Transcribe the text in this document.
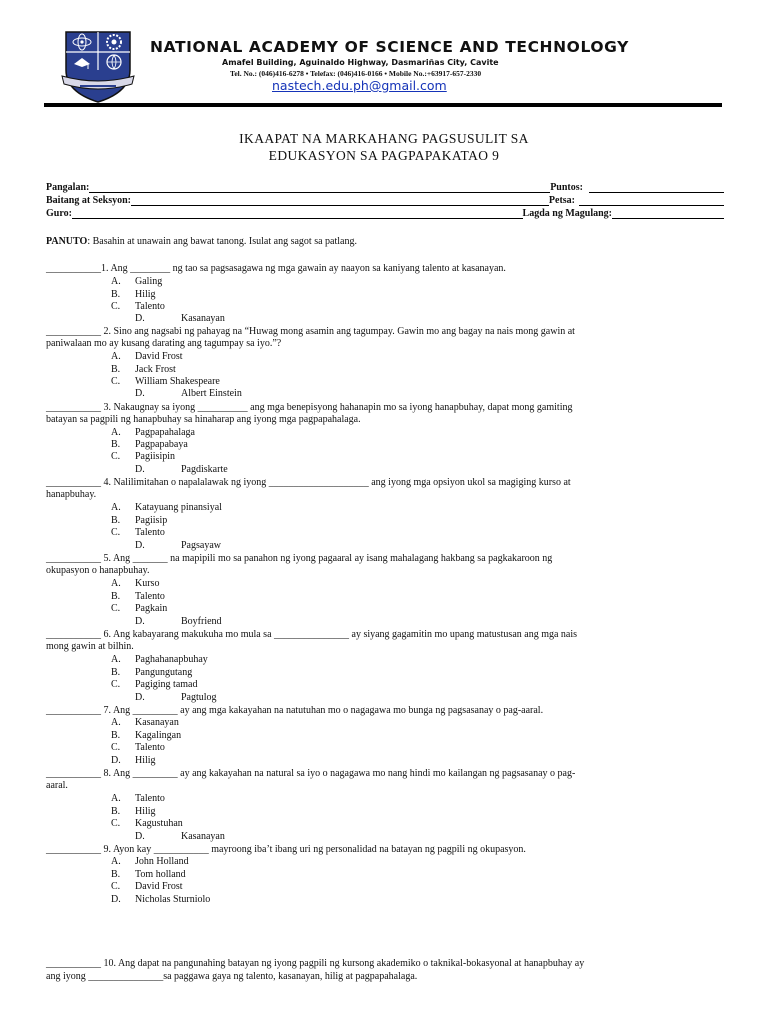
NATIONAL ACADEMY OF SCIENCE AND TECHNOLOGY
Amafel Building, Aguinaldo Highway, Dasmariñas City, Cavite
Tel. No.: (046)416-6278 • Telefax: (046)416-0166 • Mobile No.:+63917-657-2330
nastech.edu.ph@gmail.com
IKAAPAT NA MARKAHANG PAGSUSULIT SA
EDUKASYON SA PAGPAPAKATAO 9
Pangalan:	Puntos:
Baitang at Seksyon:	Petsa:
Guro:	Lagda ng Magulang:
PANUTO: Basahin at unawain ang bawat tanong. Isulat ang sagot sa patlang.
___________1. Ang ________ ng tao sa pagsasagawa ng mga gawain ay naayon sa kaniyang talento at kasanayan.
A. Galing
B. Hilig
C. Talento
D.	Kasanayan
___________ 2. Sino ang nagsabi ng pahayag na “Huwag mong asamin ang tagumpay. Gawin mo ang bagay na nais mong gawin at
paniwalaan mo ay kusang darating ang tagumpay sa iyo.”?
A. David Frost
B. Jack Frost
C. William Shakespeare
D.	Albert Einstein
___________ 3. Nakaugnay sa iyong __________ ang mga benepisyong hahanapin mo sa iyong hanapbuhay, dapat mong gamiting
batayan sa pagpili ng hanapbuhay sa hinaharap ang iyong mga pagpapahalaga.
A. Pagpapahalaga
B. Pagpapabaya
C. Pagiisipin
D.	Pagdiskarte
___________ 4. Nalilimitahan o napalalawak ng iyong ____________________ ang iyong mga opsiyon ukol sa magiging kurso at
hanapbuhay.
A. Katayuang pinansiyal
B. Pagiisip
C. Talento
D.	Pagsayaw
___________ 5. Ang _______ na mapipili mo sa panahon ng iyong pagaaral ay isang mahalagang hakbang sa pagkakaroon ng
okupasyon o hanapbuhay.
A. Kurso
B. Talento
C. Pagkain
D.	Boyfriend
___________ 6. Ang kabayarang makukuha mo mula sa _______________ ay siyang gagamitin mo upang matustusan ang mga nais
mong gawin at bilhin.
A. Paghahanapbuhay
B. Pangungutang
C. Pagiging tamad
D.	Pagtulog
___________ 7. Ang _________ ay ang mga kakayahan na natutuhan mo o nagagawa mo bunga ng pagsasanay o pag-aaral.
A. Kasanayan
B. Kagalingan
C. Talento
D. Hilig
___________ 8. Ang _________ ay ang kakayahan na natural sa iyo o nagagawa mo nang hindi mo kailangan ng pagsasanay o pag-
aaral.
A. Talento
B. Hilig
C. Kagustuhan
D.	Kasanayan
___________ 9. Ayon kay ___________ mayroong iba’t ibang uri ng personalidad na batayan ng pagpili ng okupasyon.
A. John Holland
B. Tom holland
C. David Frost
D. Nicholas Sturniolo
___________ 10. Ang dapat na pangunahing batayan ng iyong pagpili ng kursong akademiko o taknikal-bokasyonal at hanapbuhay ay
ang iyong _______________sa paggawa gaya ng talento, kasanayan, hilig at pagpapahalaga.
